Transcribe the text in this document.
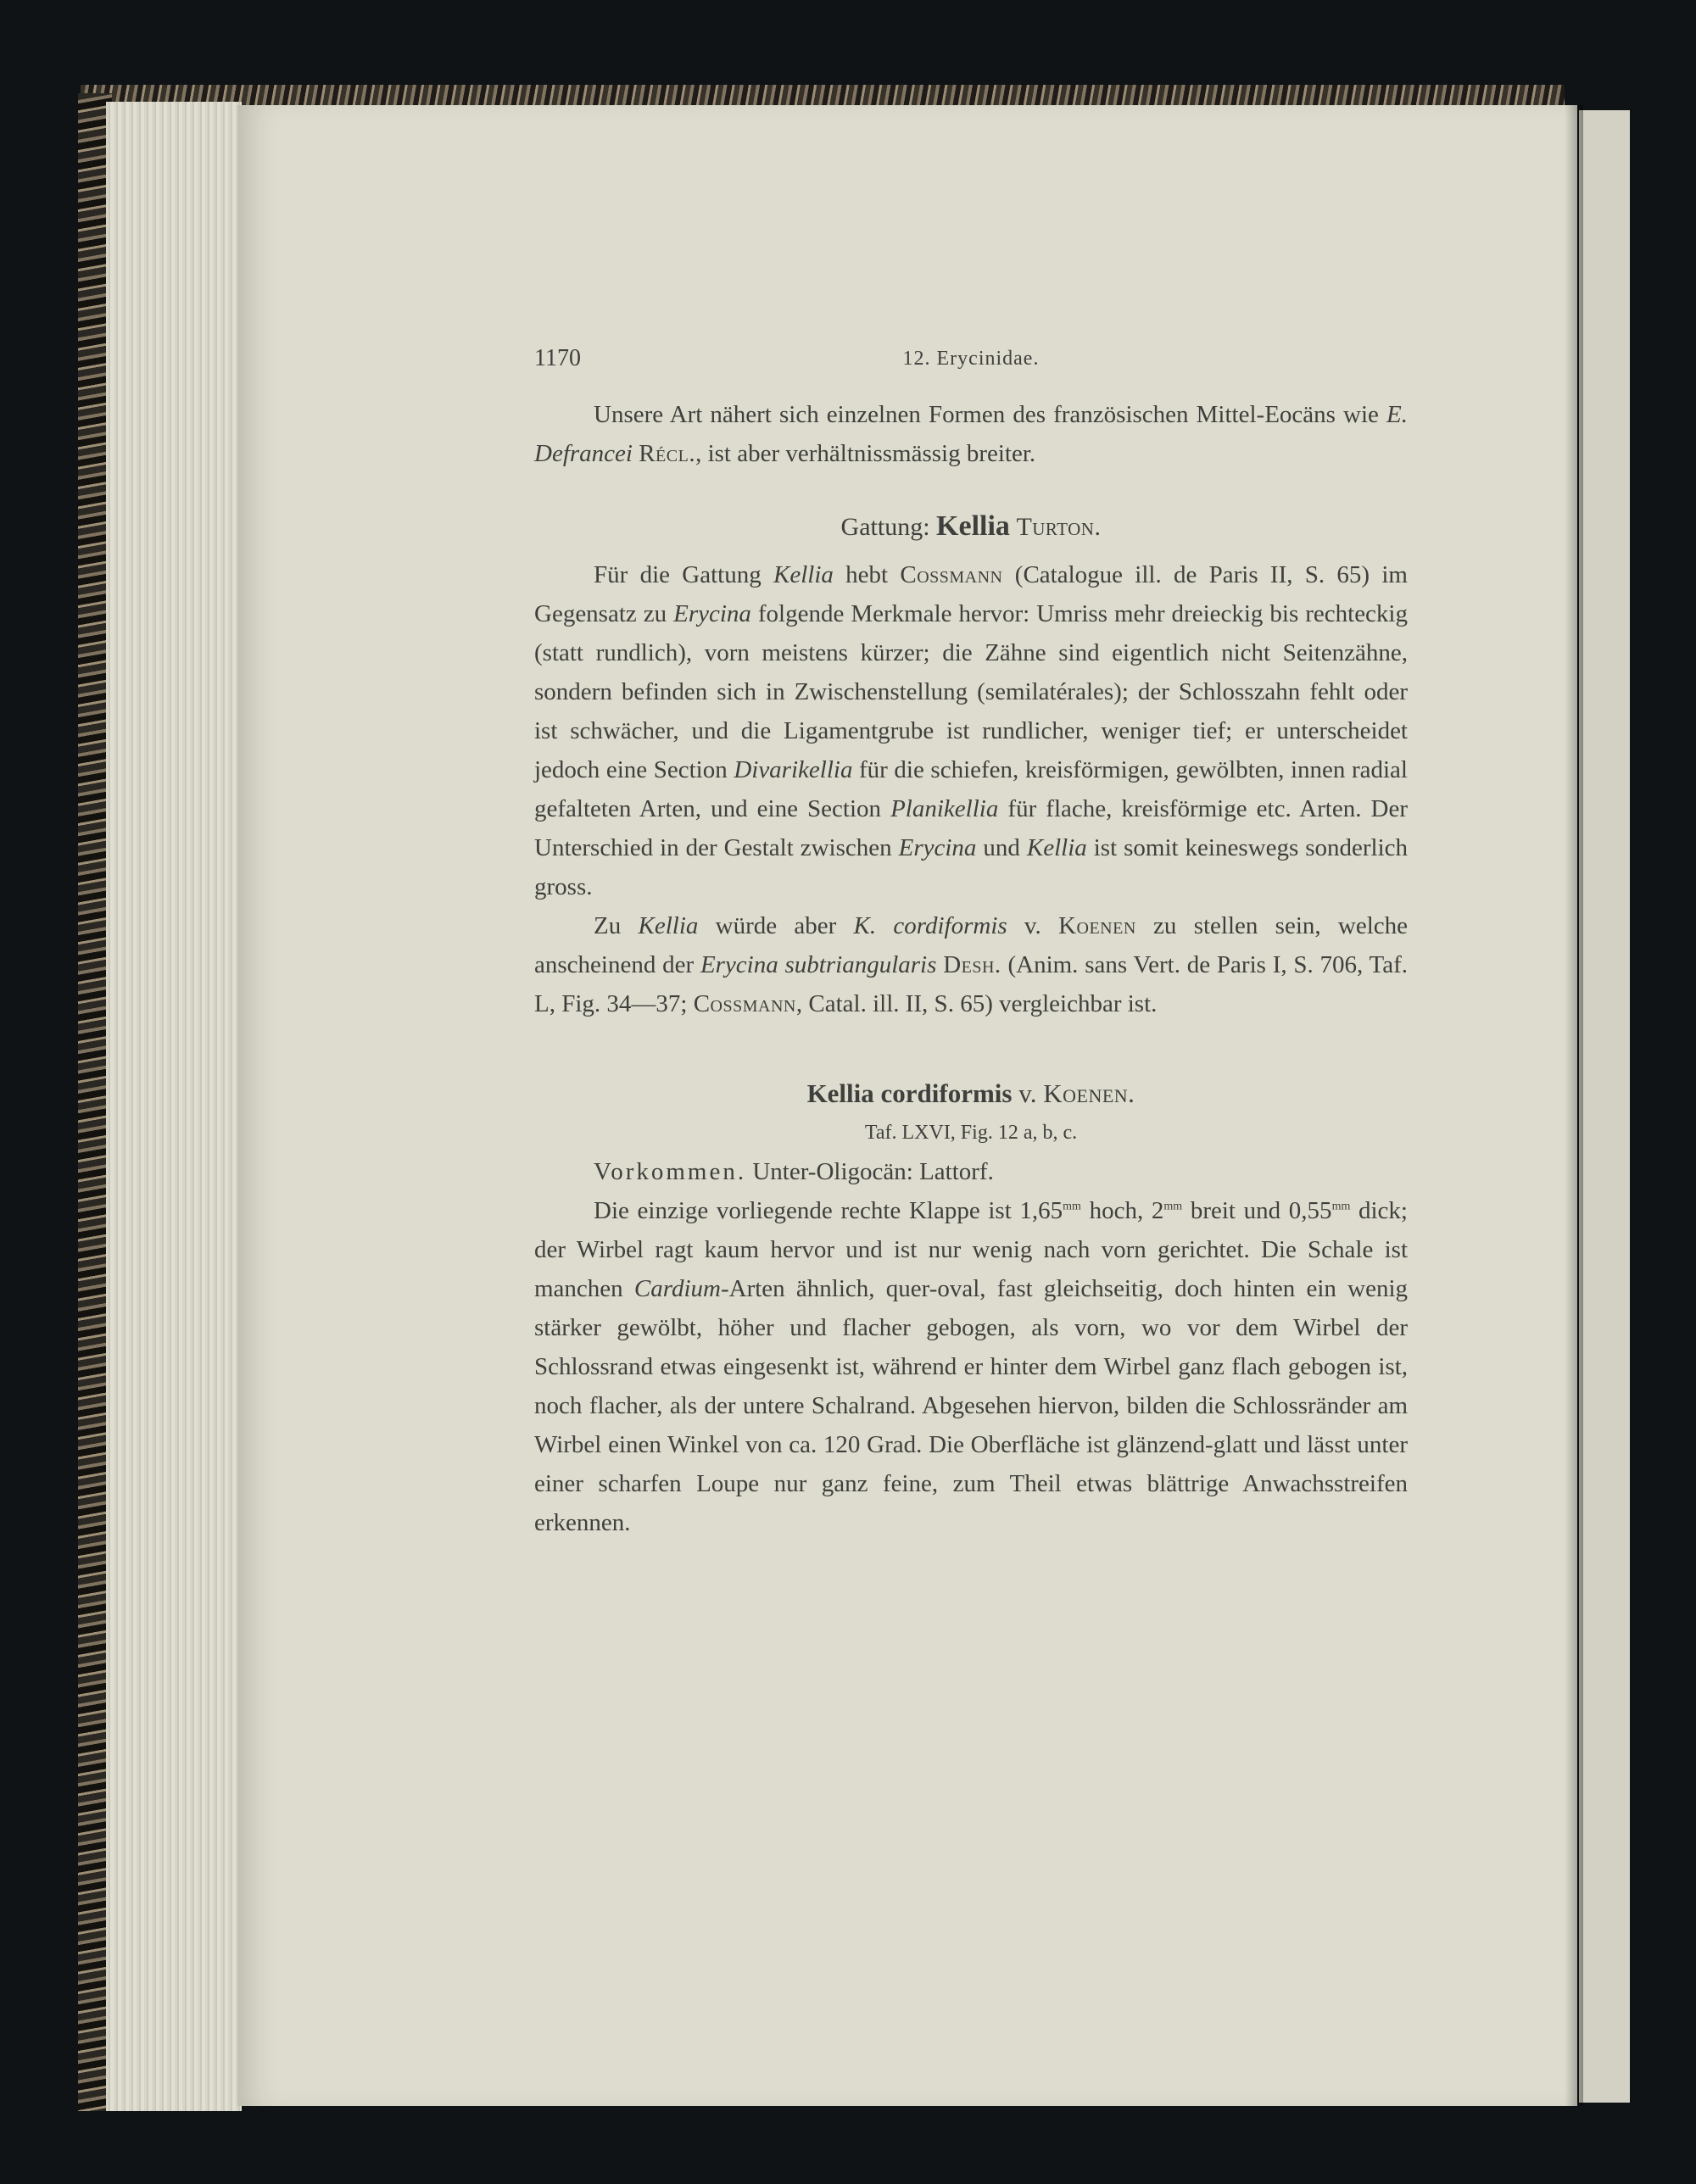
1170	12. Erycinidae.

Unsere Art nähert sich einzelnen Formen des französischen Mittel-Eocäns wie E. Defrancei Récl., ist aber verhältnissmässig breiter.

Gattung: Kellia Turton.

Für die Gattung Kellia hebt Cossmann (Catalogue ill. de Paris II, S. 65) im Gegensatz zu Erycina folgende Merkmale hervor: Umriss mehr dreieckig bis rechteckig (statt rundlich), vorn meistens kürzer; die Zähne sind eigentlich nicht Seitenzähne, sondern befinden sich in Zwischenstellung (semilatérales); der Schlosszahn fehlt oder ist schwächer, und die Ligamentgrube ist rundlicher, weniger tief; er unterscheidet jedoch eine Section Divarikellia für die schiefen, kreisförmigen, gewölbten, innen radial gefalteten Arten, und eine Section Planikellia für flache, kreisförmige etc. Arten. Der Unterschied in der Gestalt zwischen Erycina und Kellia ist somit keineswegs sonderlich gross.

Zu Kellia würde aber K. cordiformis v. Koenen zu stellen sein, welche anscheinend der Erycina subtriangularis Desh. (Anim. sans Vert. de Paris I, S. 706, Taf. L, Fig. 34—37; Cossmann, Catal. ill. II, S. 65) vergleichbar ist.

Kellia cordiformis v. Koenen.
Taf. LXVI, Fig. 12 a, b, c.

Vorkommen. Unter-Oligocän: Lattorf.

Die einzige vorliegende rechte Klappe ist $1,65^{mm}$ hoch, $2^{mm}$ breit und $0,55^{mm}$ dick; der Wirbel ragt kaum hervor und ist nur wenig nach vorn gerichtet. Die Schale ist manchen Cardium-Arten ähnlich, quer-oval, fast gleichseitig, doch hinten ein wenig stärker gewölbt, höher und flacher gebogen, als vorn, wo vor dem Wirbel der Schlossrand etwas eingesenkt ist, während er hinter dem Wirbel ganz flach gebogen ist, noch flacher, als der untere Schalrand. Abgesehen hiervon, bilden die Schlossränder am Wirbel einen Winkel von ca. 120 Grad. Die Oberfläche ist glänzend-glatt und lässt unter einer scharfen Loupe nur ganz feine, zum Theil etwas blättrige Anwachsstreifen erkennen.
